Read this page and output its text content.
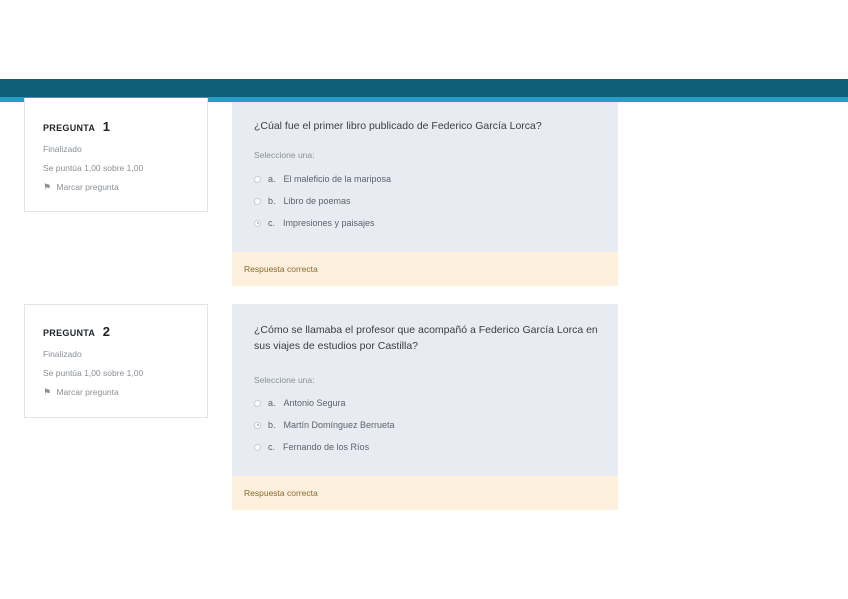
PREGUNTA 1
Finalizado
Se puntúa 1,00 sobre 1,00
⚑ Marcar pregunta
¿Cúal fue el primer libro publicado de Federico García Lorca?
Seleccione una:
a. El maleficio de la mariposa
b. Libro de poemas
c. Impresiones y paisajes
Respuesta correcta
PREGUNTA 2
Finalizado
Se puntúa 1,00 sobre 1,00
⚑ Marcar pregunta
¿Cómo se llamaba el profesor que acompañó a Federico García Lorca en sus viajes de estudios por Castilla?
Seleccione una:
a. Antonio Segura
b. Martín Domínguez Berrueta
c. Fernando de los Ríos
Respuesta correcta
